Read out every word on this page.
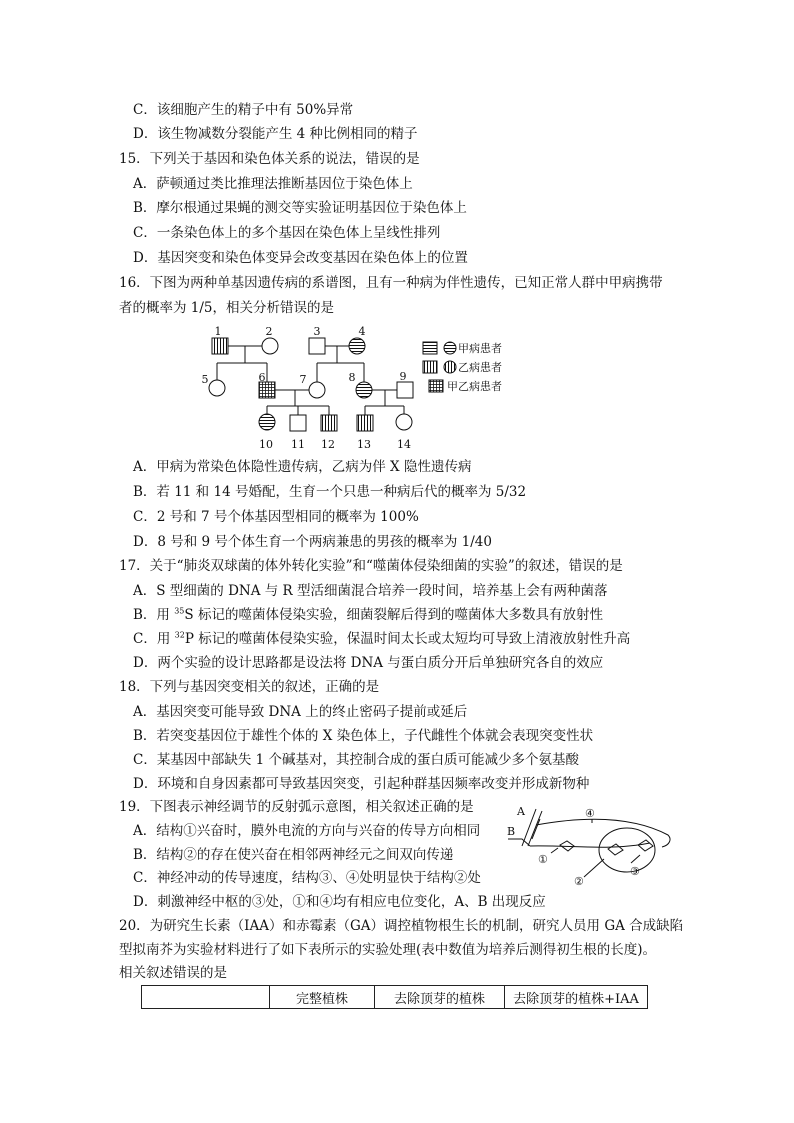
C．该细胞产生的精子中有 50%异常
D．该生物减数分裂能产生 4 种比例相同的精子
15．下列关于基因和染色体关系的说法，错误的是
A．萨顿通过类比推理法推断基因位于染色体上
B．摩尔根通过果蝇的测交等实验证明基因位于染色体上
C．一条染色体上的多个基因在染色体上呈线性排列
D．基因突变和染色体变异会改变基因在染色体上的位置
16．下图为两种单基因遗传病的系谱图，且有一种病为伴性遗传，已知正常人群中甲病携带
者的概率为 1/5，相关分析错误的是
1	2	3	4
5	6	7	8	9
10 11 12 13 14
甲病患者
乙病患者
甲乙病患者
A．甲病为常染色体隐性遗传病，乙病为伴 X 隐性遗传病
B．若 11 和 14 号婚配，生育一个只患一种病后代的概率为 5/32
C．2 号和 7 号个体基因型相同的概率为 100%
D．8 号和 9 号个体生育一个两病兼患的男孩的概率为 1/40
17．关于“肺炎双球菌的体外转化实验”和“噬菌体侵染细菌的实验”的叙述，错误的是
A．S 型细菌的 DNA 与 R 型活细菌混合培养一段时间，培养基上会有两种菌落
B．用 $^{35}$S 标记的噬菌体侵染实验，细菌裂解后得到的噬菌体大多数具有放射性
C．用 $^{32}$P 标记的噬菌体侵染实验，保温时间太长或太短均可导致上清液放射性升高
D．两个实验的设计思路都是设法将 DNA 与蛋白质分开后单独研究各自的效应
18．下列与基因突变相关的叙述，正确的是
A．基因突变可能导致 DNA 上的终止密码子提前或延后
B．若突变基因位于雄性个体的 X 染色体上，子代雌性个体就会表现突变性状
C．某基因中部缺失 1 个碱基对，其控制合成的蛋白质可能减少多个氨基酸
D．环境和自身因素都可导致基因突变，引起种群基因频率改变并形成新物种
19．下图表示神经调节的反射弧示意图，相关叙述正确的是
A．结构①兴奋时，膜外电流的方向与兴奋的传导方向相同
B．结构②的存在使兴奋在相邻两神经元之间双向传递
C．神经冲动的传导速度，结构③、④处明显快于结构②处
D．刺激神经中枢的③处，①和④均有相应电位变化，A、B 出现反应
A
B
①
②
③
④
20．为研究生长素（IAA）和赤霉素（GA）调控植物根生长的机制，研究人员用 GA 合成缺陷
型拟南芥为实验材料进行了如下表所示的实验处理(表中数值为培养后测得初生根的长度)。
相关叙述错误的是
	完整植株	去除顶芽的植株	去除顶芽的植株+IAA
